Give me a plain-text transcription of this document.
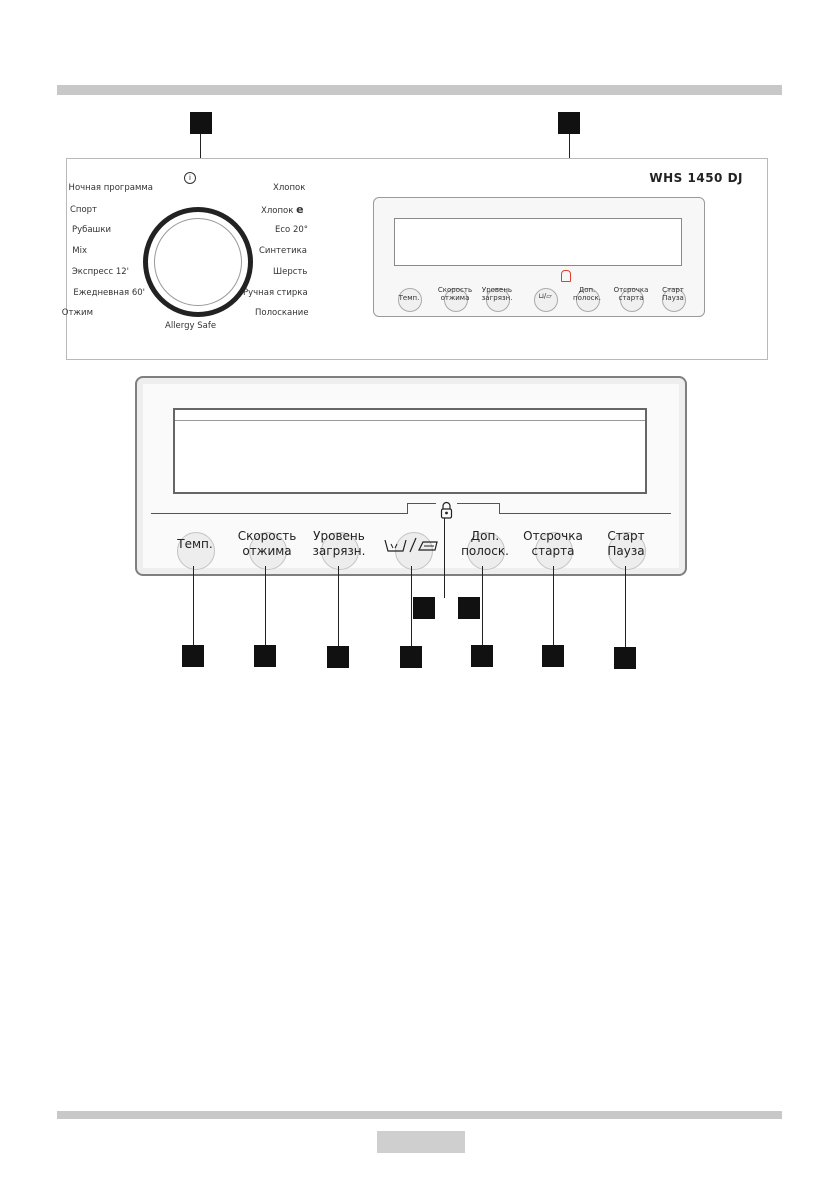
WHS 1450 DJ
i
Ночная программа
Спорт
Рубашки
Mix
Экспресс 12'
Ежедневная 60'
Отжим
Хлопок
Хлопок e
Eco 20°
Синтетика
Шерсть
Ручная стирка
Полоскание
Allergy Safe
Темп.
Скорость отжима
Уровень загрязн.	⊔/▱
Доп. полоск.
Отсрочка старта
Старт Пауза
Темп.
Скорость
отжима
Уровень
загрязн.
Доп.
полоск.
Отсрочка
старта
Старт
Пауза
